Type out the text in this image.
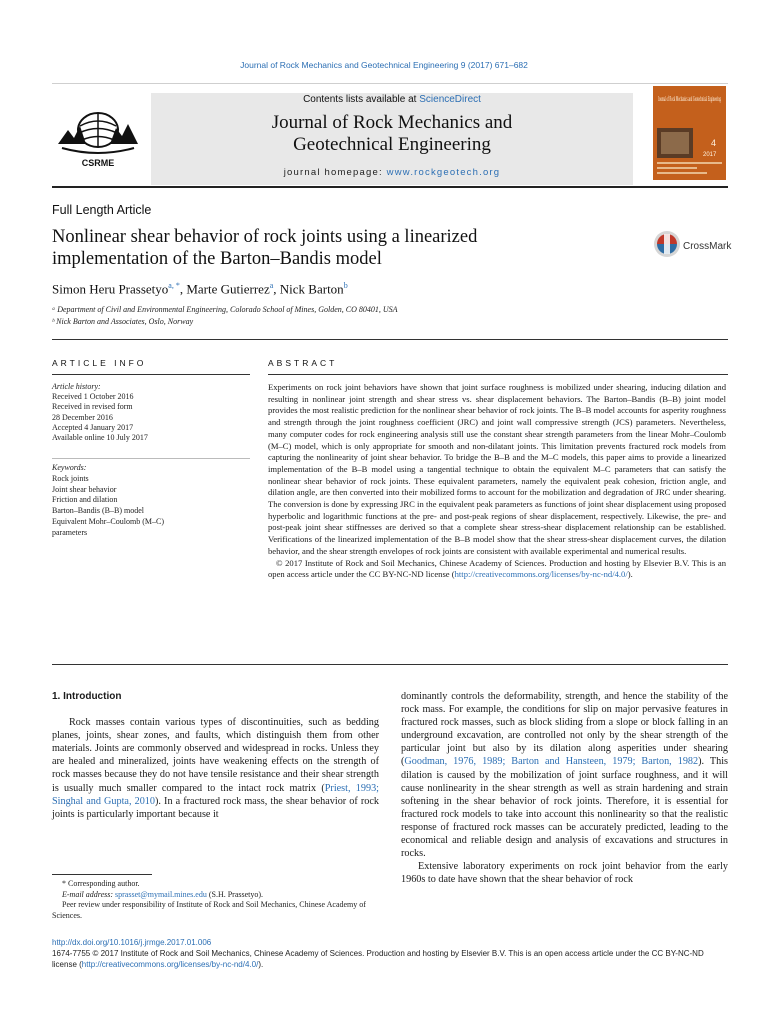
Journal of Rock Mechanics and Geotechnical Engineering 9 (2017) 671–682
CSRME
Contents lists available at ScienceDirect
Journal of Rock Mechanics and
Geotechnical Engineering
journal homepage: www.rockgeotech.org
Journal of Rock Mechanics and Geotechnical Engineering
4
2017
Full Length Article
Nonlinear shear behavior of rock joints using a linearized
implementation of the Barton–Bandis model
CrossMark
Simon Heru Prassetyo$^{a, *}$, Marte Gutierrez$^a$, Nick Barton$^b$
ᵃ Department of Civil and Environmental Engineering, Colorado School of Mines, Golden, CO 80401, USA
ᵇ Nick Barton and Associates, Oslo, Norway
ARTICLE INFO	ABSTRACT
Article history:
Received 1 October 2016
Received in revised form
28 December 2016
Accepted 4 January 2017
Available online 10 July 2017
Keywords:
Rock joints
Joint shear behavior
Friction and dilation
Barton–Bandis (B–B) model
Equivalent Mohr–Coulomb (M–C)
parameters
Experiments on rock joint behaviors have shown that joint surface roughness is mobilized under shearing, inducing dilation and resulting in nonlinear joint strength and shear stress vs. shear displacement behaviors. The Barton–Bandis (B–B) joint model provides the most realistic prediction for the nonlinear shear behavior of rock joints. The B–B model accounts for asperity roughness and strength through the joint roughness coefficient (JRC) and joint wall compressive strength (JCS) parameters. Nevertheless, many computer codes for rock engineering analysis still use the constant shear strength parameters from the linear Mohr–Coulomb (M–C) model, which is only appropriate for smooth and non-dilatant joints. This limitation prevents fractured rock models from capturing the nonlinearity of joint shear behavior. To bridge the B–B and the M–C models, this paper aims to provide a linearized implementation of the B–B model using a tangential technique to obtain the equivalent M–C parameters that can satisfy the nonlinear shear behavior of rock joints. These equivalent parameters, namely the equivalent peak cohesion, friction angle, and dilation angle, are then converted into their mobilized forms to account for the mobilization and degradation of JRC under shearing. The conversion is done by expressing JRC in the equivalent peak parameters as functions of joint shear displacement using proposed hyperbolic and logarithmic functions at the pre- and post-peak regions of shear displacement, respectively. Likewise, the pre- and post-peak joint shear stiffnesses are derived so that a complete shear stress-shear displacement relationship can be established. Verifications of the linearized implementation of the B–B model show that the shear stress-shear displacement curves, the dilation behavior, and the shear strength envelopes of rock joints are consistent with available experimental and numerical results.
© 2017 Institute of Rock and Soil Mechanics, Chinese Academy of Sciences. Production and hosting by Elsevier B.V. This is an open access article under the CC BY-NC-ND license (http://creativecommons.org/licenses/by-nc-nd/4.0/).
1. Introduction
Rock masses contain various types of discontinuities, such as bedding planes, joints, shear zones, and faults, which distinguish them from other materials. Joints are commonly observed and widespread in rocks. Unless they are healed and mineralized, joints have weakening effects on the strength of rock masses because they do not have tensile resistance and their shear strength is usually much smaller compared to the intact rock matrix (Priest, 1993; Singhal and Gupta, 2010). In a fractured rock mass, the shear behavior of rock joints is particularly important because it
dominantly controls the deformability, strength, and hence the stability of the rock mass. For example, the conditions for slip on major pervasive features in fractured rock masses, such as block sliding from a slope or block falling in an underground excavation, are controlled not only by the shear strength of the particular joint but also by its dilation along asperities under shearing (Goodman, 1976, 1989; Barton and Hansteen, 1979; Barton, 1982). This dilation is caused by the mobilization of joint surface roughness, and it will cause nonlinearity in the shear strength as well as strain hardening and strain softening in the shear behavior of rock joints. Therefore, it is essential for fractured rock models to take into account this nonlinearity so that the realistic response of fractured rock masses can be accurately predicted, leading to the economical and reliable design and analysis of excavations and structures in rocks.
Extensive laboratory experiments on rock joint behavior from the early 1960s to date have shown that the shear behavior of rock
* Corresponding author.
E-mail address: sprasset@mymail.mines.edu (S.H. Prassetyo).
Peer review under responsibility of Institute of Rock and Soil Mechanics, Chinese Academy of Sciences.
http://dx.doi.org/10.1016/j.jrmge.2017.01.006
1674-7755 © 2017 Institute of Rock and Soil Mechanics, Chinese Academy of Sciences. Production and hosting by Elsevier B.V. This is an open access article under the CC BY-NC-ND license (http://creativecommons.org/licenses/by-nc-nd/4.0/).
